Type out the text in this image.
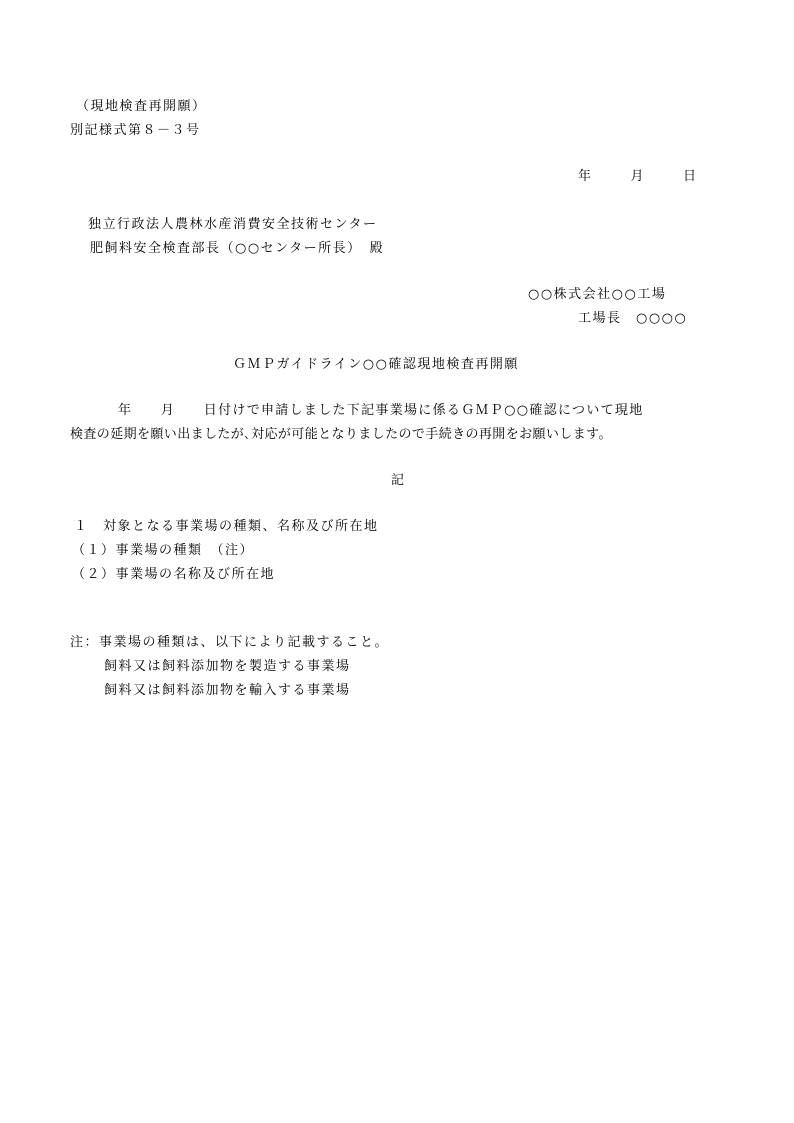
（現地検査再開願）
別記様式第８－３号
年	月	日
独立行政法人農林水産消費安全技術センター
肥飼料安全検査部長（○○センター所長）　殿
○○株式会社○○工場
工場長　○○○○
ＧＭＰガイドライン○○確認現地検査再開願
年　　月　　日付けで申請しました下記事業場に係るＧＭＰ○○確認について現地
検査の延期を願い出ましたが､対応が可能となりましたので手続きの再開をお願いします。
記
１　対象となる事業場の種類、名称及び所在地
（１）事業場の種類　（注）
（２）事業場の名称及び所在地
注：事業場の種類は、以下により記載すること。
飼料又は飼料添加物を製造する事業場
飼料又は飼料添加物を輸入する事業場
